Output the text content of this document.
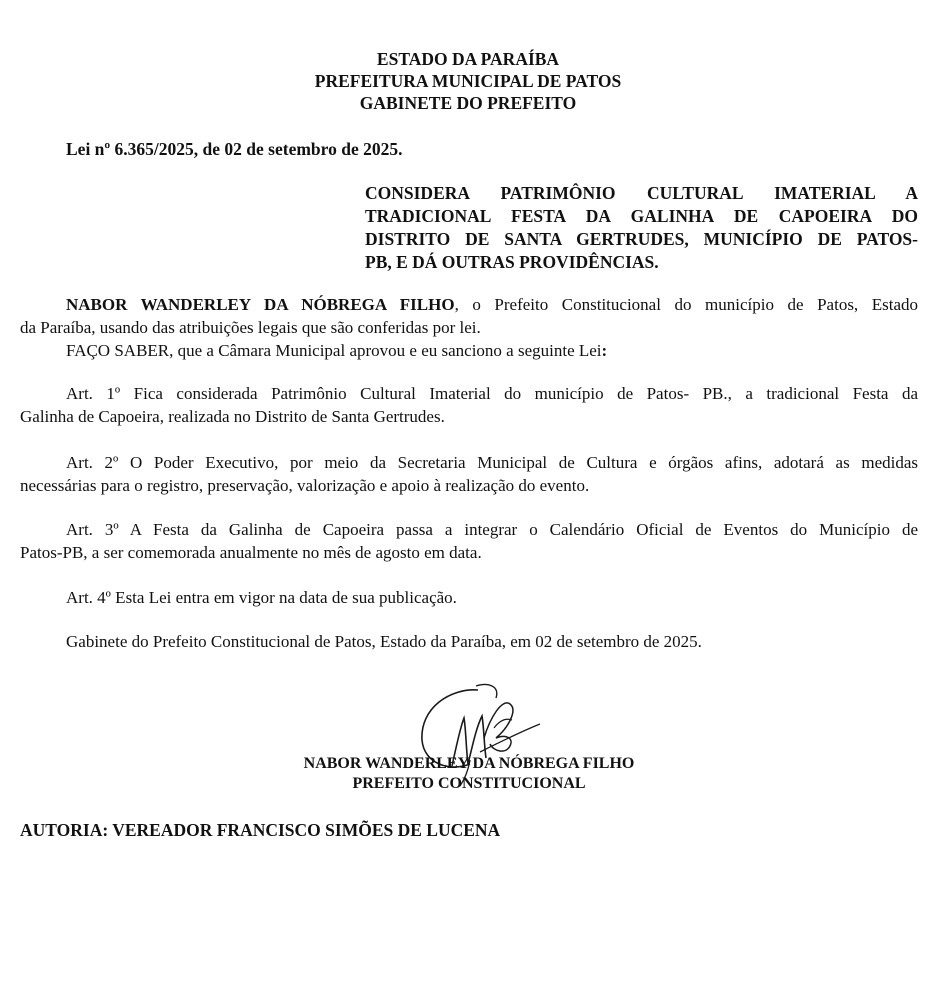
ESTADO DA PARAÍBA
PREFEITURA MUNICIPAL DE PATOS
GABINETE DO PREFEITO
Lei nº 6.365/2025, de 02 de setembro de 2025.
CONSIDERA PATRIMÔNIO CULTURAL IMATERIAL A
TRADICIONAL FESTA DA GALINHA DE CAPOEIRA DO
DISTRITO DE SANTA GERTRUDES, MUNICÍPIO DE PATOS-
PB, E DÁ OUTRAS PROVIDÊNCIAS.
NABOR WANDERLEY DA NÓBREGA FILHO, o Prefeito Constitucional do município de Patos, Estado
da Paraíba, usando das atribuições legais que são conferidas por lei.
FAÇO SABER, que a Câmara Municipal aprovou e eu sanciono a seguinte Lei:
Art. 1º Fica considerada Patrimônio Cultural Imaterial do município de Patos- PB., a tradicional Festa da
Galinha de Capoeira, realizada no Distrito de Santa Gertrudes.
Art. 2º O Poder Executivo, por meio da Secretaria Municipal de Cultura e órgãos afins, adotará as medidas
necessárias para o registro, preservação, valorização e apoio à realização do evento.
Art. 3º A Festa da Galinha de Capoeira passa a integrar o Calendário Oficial de Eventos do Município de
Patos-PB, a ser comemorada anualmente no mês de agosto em data.
Art. 4º Esta Lei entra em vigor na data de sua publicação.
Gabinete do Prefeito Constitucional de Patos, Estado da Paraíba, em 02 de setembro de 2025.
NABOR WANDERLEY DA NÓBREGA FILHO
PREFEITO CONSTITUCIONAL
AUTORIA: VEREADOR FRANCISCO SIMÕES DE LUCENA
